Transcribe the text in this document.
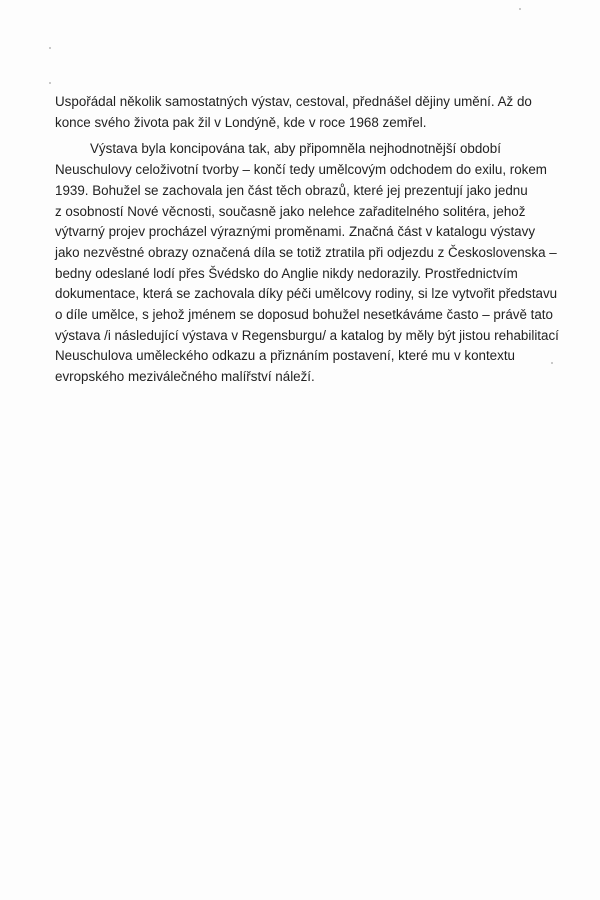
Uspořádal několik samostatných výstav, cestoval, přednášel dějiny umění. Až do
konce svého života pak žil v Londýně, kde v roce 1968 zemřel.

Výstava byla koncipována tak, aby připomněla nejhodnotnější období
Neuschulovy celoživotní tvorby – končí tedy umělcovým odchodem do exilu, rokem
1939. Bohužel se zachovala jen část těch obrazů, které jej prezentují jako jednu
z osobností Nové věcnosti, současně jako nelehce zařaditelného solitéra, jehož
výtvarný projev procházel výraznými proměnami. Značná část v katalogu výstavy
jako nezvěstné obrazy označená díla se totiž ztratila při odjezdu z Československa –
bedny odeslané lodí přes Švédsko do Anglie nikdy nedorazily. Prostřednictvím
dokumentace, která se zachovala díky péči umělcovy rodiny, si lze vytvořit představu
o díle umělce, s jehož jménem se doposud bohužel nesetkáváme často – právě tato
výstava /i následující výstava v Regensburgu/ a katalog by měly být jistou rehabilitací
Neuschulova uměleckého odkazu a přiznáním postavení, které mu v kontextu
evropského meziválečného malířství náleží.
